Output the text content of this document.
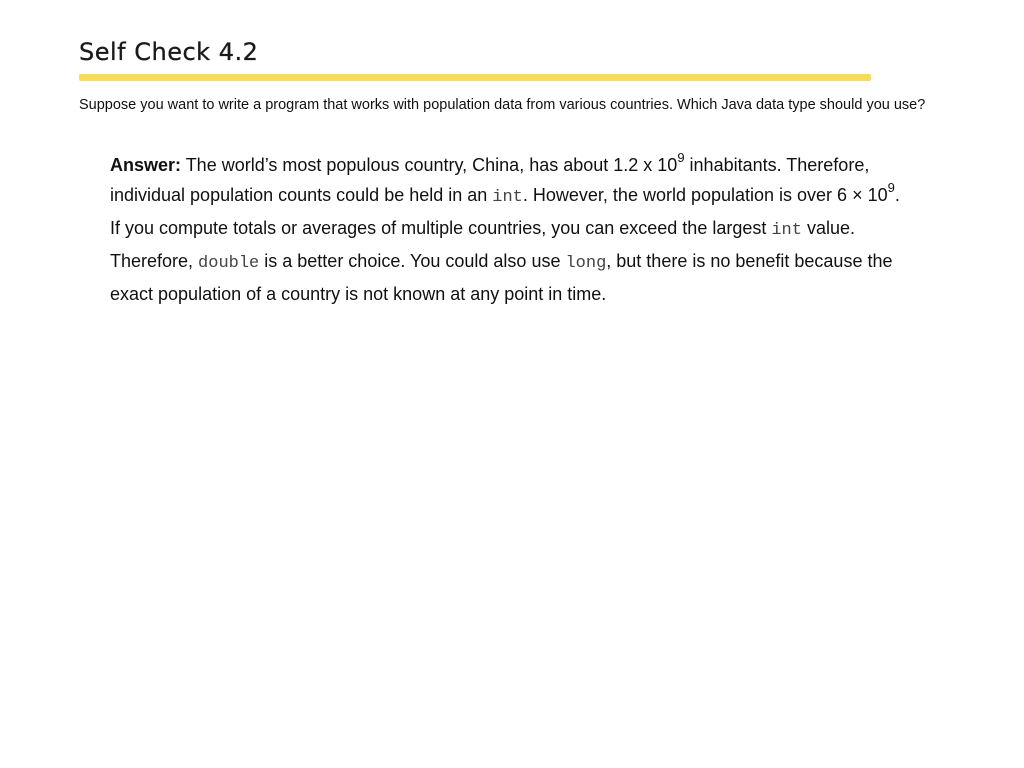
Self Check 4.2

Suppose you want to write a program that works with population data from various countries. Which Java data type should you use?

Answer: The world’s most populous country, China, has about 1.2 x $10^9$ inhabitants. Therefore, individual population counts could be held in an int. However, the world population is over $6 \times 10^9$. If you compute totals or averages of multiple countries, you can exceed the largest int value. Therefore, double is a better choice. You could also use long, but there is no benefit because the exact population of a country is not known at any point in time.
